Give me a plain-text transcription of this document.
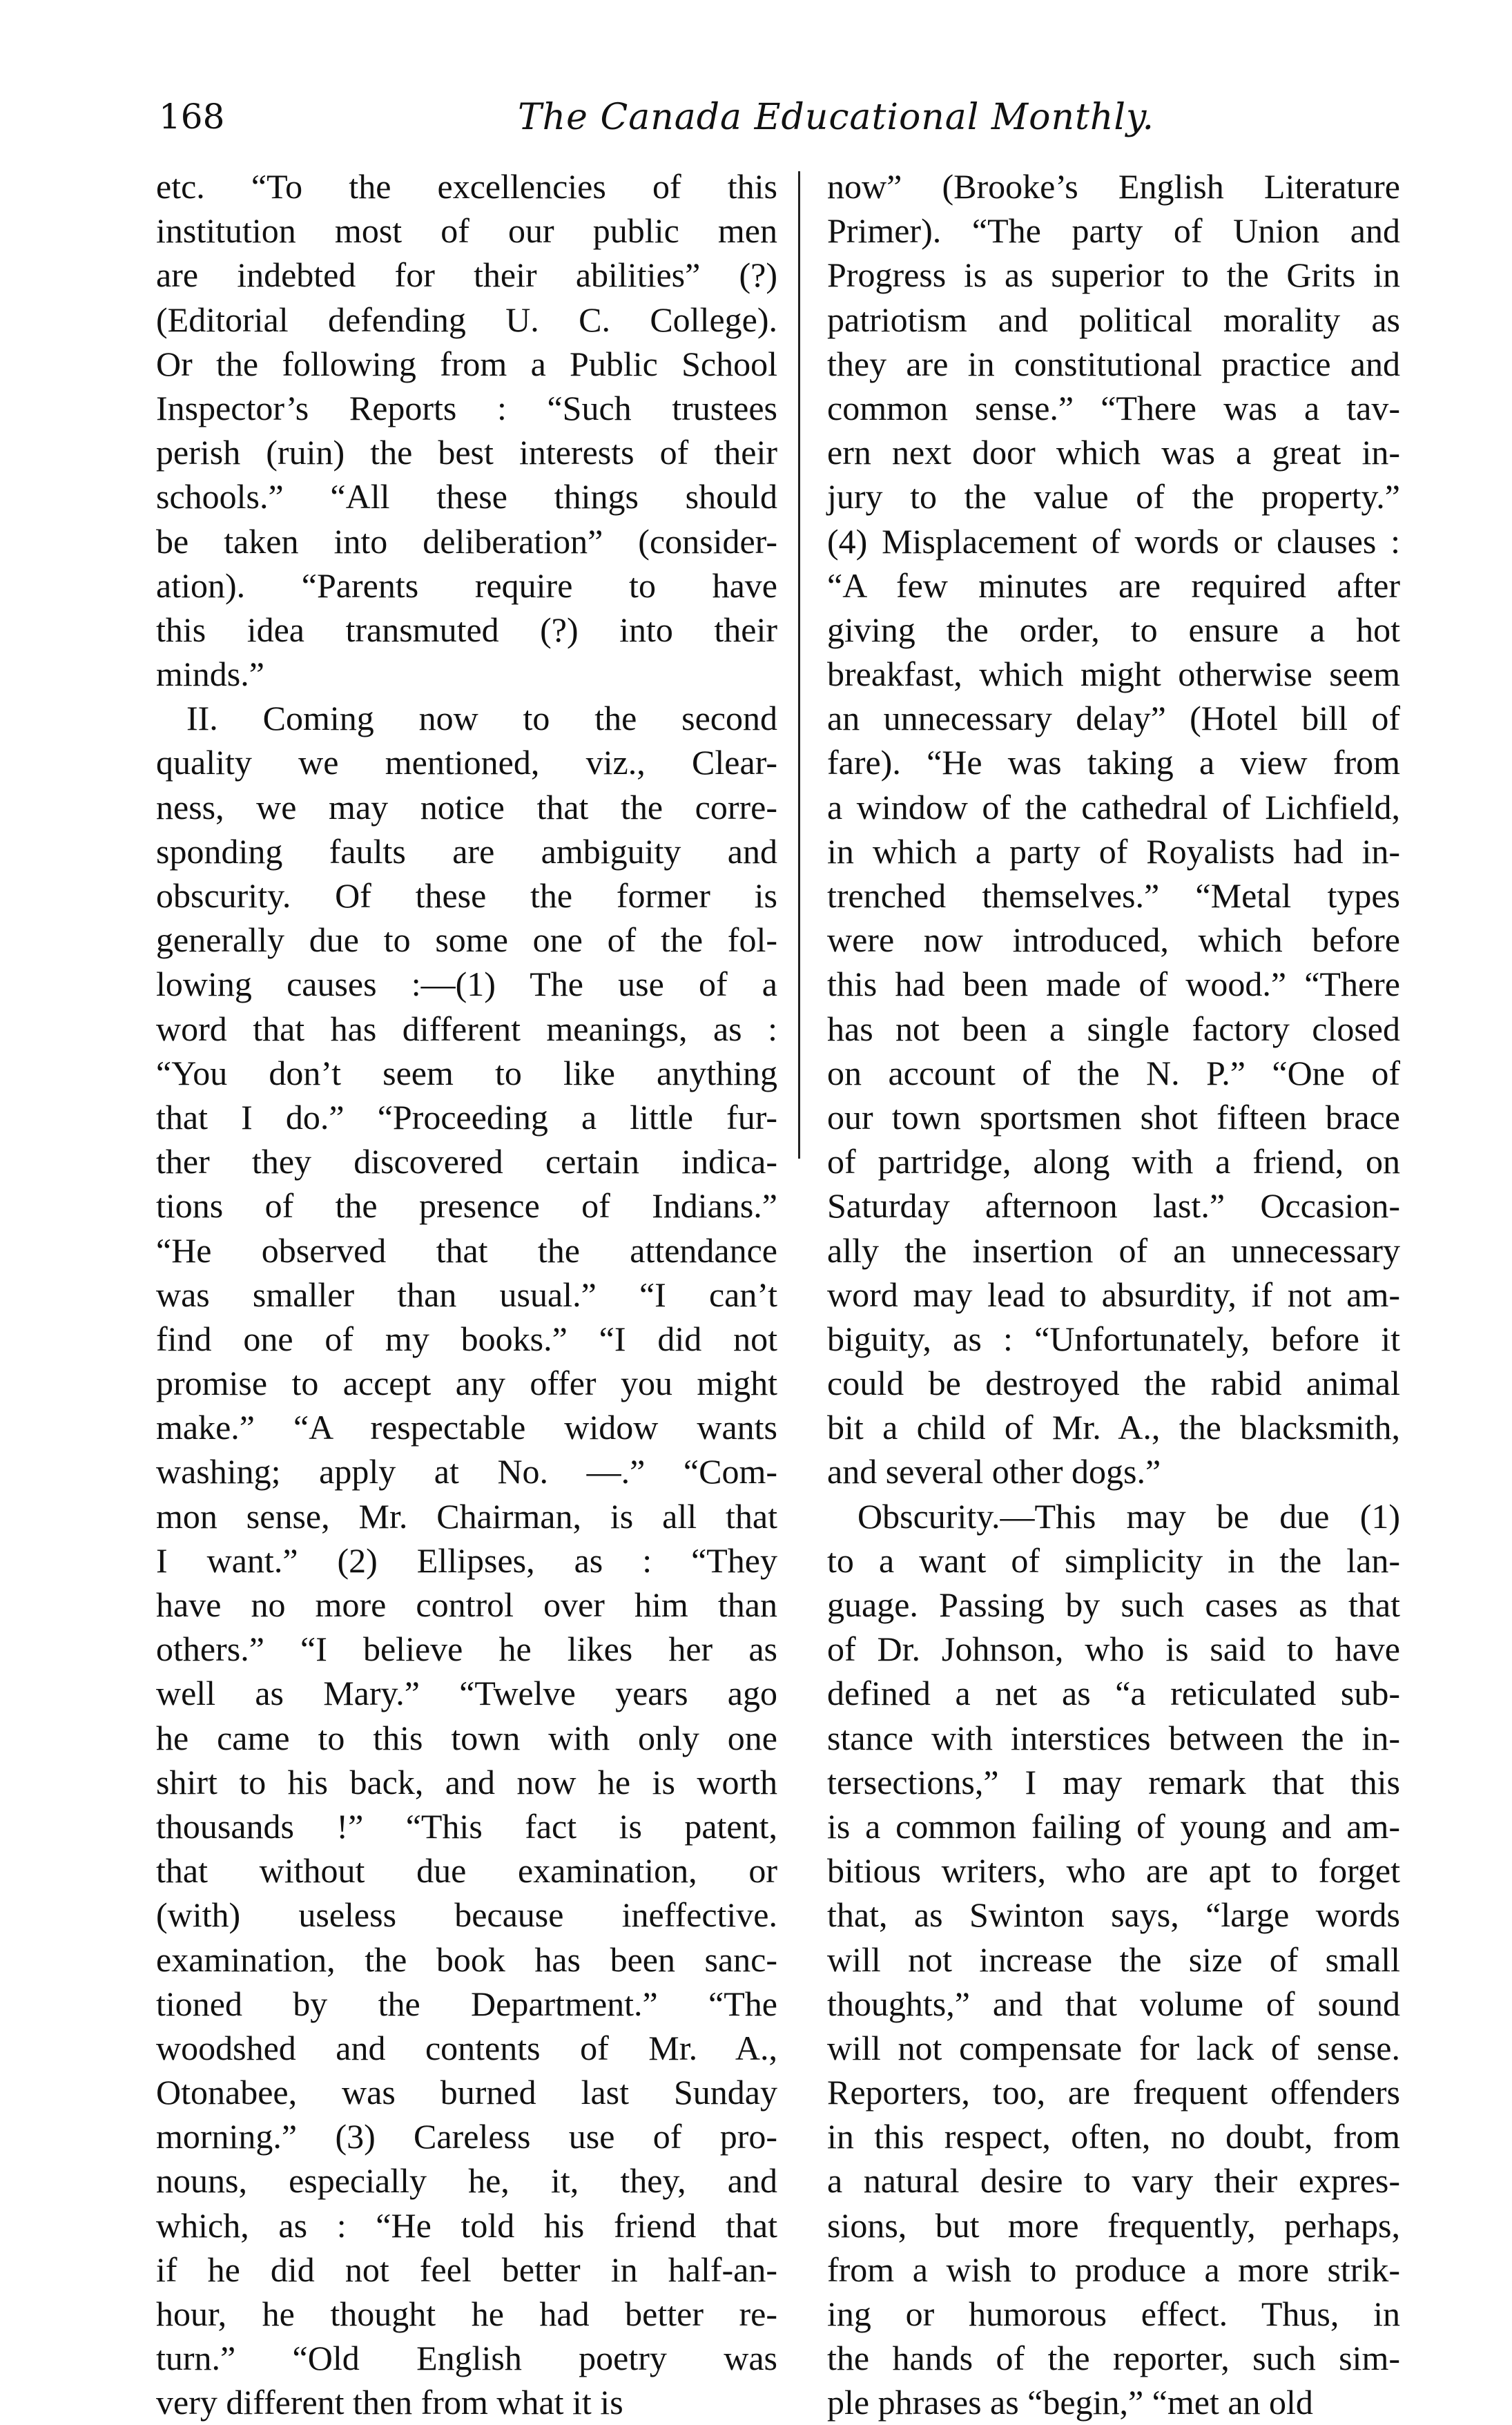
168	The Canada Educational Monthly.
etc. “To the excellencies of this
institution most of our public men
are indebted for their abilities” (?)
(Editorial defending U. C. College).
Or the following from a Public School
Inspector’s Reports : “Such trustees
perish (ruin) the best interests of their
schools.” “All these things should
be taken into deliberation” (consider-
ation). “Parents require to have
this idea transmuted (?) into their
minds.”
II. Coming now to the second
quality we mentioned, viz., Clear-
ness, we may notice that the corre-
sponding faults are ambiguity and
obscurity. Of these the former is
generally due to some one of the fol-
lowing causes :—(1) The use of a
word that has different meanings, as :
“You don’t seem to like anything
that I do.” “Proceeding a little fur-
ther they discovered certain indica-
tions of the presence of Indians.”
“He observed that the attendance
was smaller than usual.” “I can’t
find one of my books.” “I did not
promise to accept any offer you might
make.” “A respectable widow wants
washing; apply at No. —.” “Com-
mon sense, Mr. Chairman, is all that
I want.” (2) Ellipses, as : “They
have no more control over him than
others.” “I believe he likes her as
well as Mary.” “Twelve years ago
he came to this town with only one
shirt to his back, and now he is worth
thousands !” “This fact is patent,
that without due examination, or
(with) useless because ineffective.
examination, the book has been sanc-
tioned by the Department.” “The
woodshed and contents of Mr. A.,
Otonabee, was burned last Sunday
morning.” (3) Careless use of pro-
nouns, especially he, it, they, and
which, as : “He told his friend that
if he did not feel better in half-an-
hour, he thought he had better re-
turn.” “Old English poetry was
very different then from what it is
now” (Brooke’s English Literature
Primer). “The party of Union and
Progress is as superior to the Grits in
patriotism and political morality as
they are in constitutional practice and
common sense.” “There was a tav-
ern next door which was a great in-
jury to the value of the property.”
(4) Misplacement of words or clauses :
“A few minutes are required after
giving the order, to ensure a hot
breakfast, which might otherwise seem
an unnecessary delay” (Hotel bill of
fare). “He was taking a view from
a window of the cathedral of Lichfield,
in which a party of Royalists had in-
trenched themselves.” “Metal types
were now introduced, which before
this had been made of wood.” “There
has not been a single factory closed
on account of the N. P.” “One of
our town sportsmen shot fifteen brace
of partridge, along with a friend, on
Saturday afternoon last.” Occasion-
ally the insertion of an unnecessary
word may lead to absurdity, if not am-
biguity, as : “Unfortunately, before it
could be destroyed the rabid animal
bit a child of Mr. A., the blacksmith,
and several other dogs.”
Obscurity.—This may be due (1)
to a want of simplicity in the lan-
guage. Passing by such cases as that
of Dr. Johnson, who is said to have
defined a net as “a reticulated sub-
stance with interstices between the in-
tersections,” I may remark that this
is a common failing of young and am-
bitious writers, who are apt to forget
that, as Swinton says, “large words
will not increase the size of small
thoughts,” and that volume of sound
will not compensate for lack of sense.
Reporters, too, are frequent offenders
in this respect, often, no doubt, from
a natural desire to vary their expres-
sions, but more frequently, perhaps,
from a wish to produce a more strik-
ing or humorous effect. Thus, in
the hands of the reporter, such sim-
ple phrases as “begin,” “met an old
